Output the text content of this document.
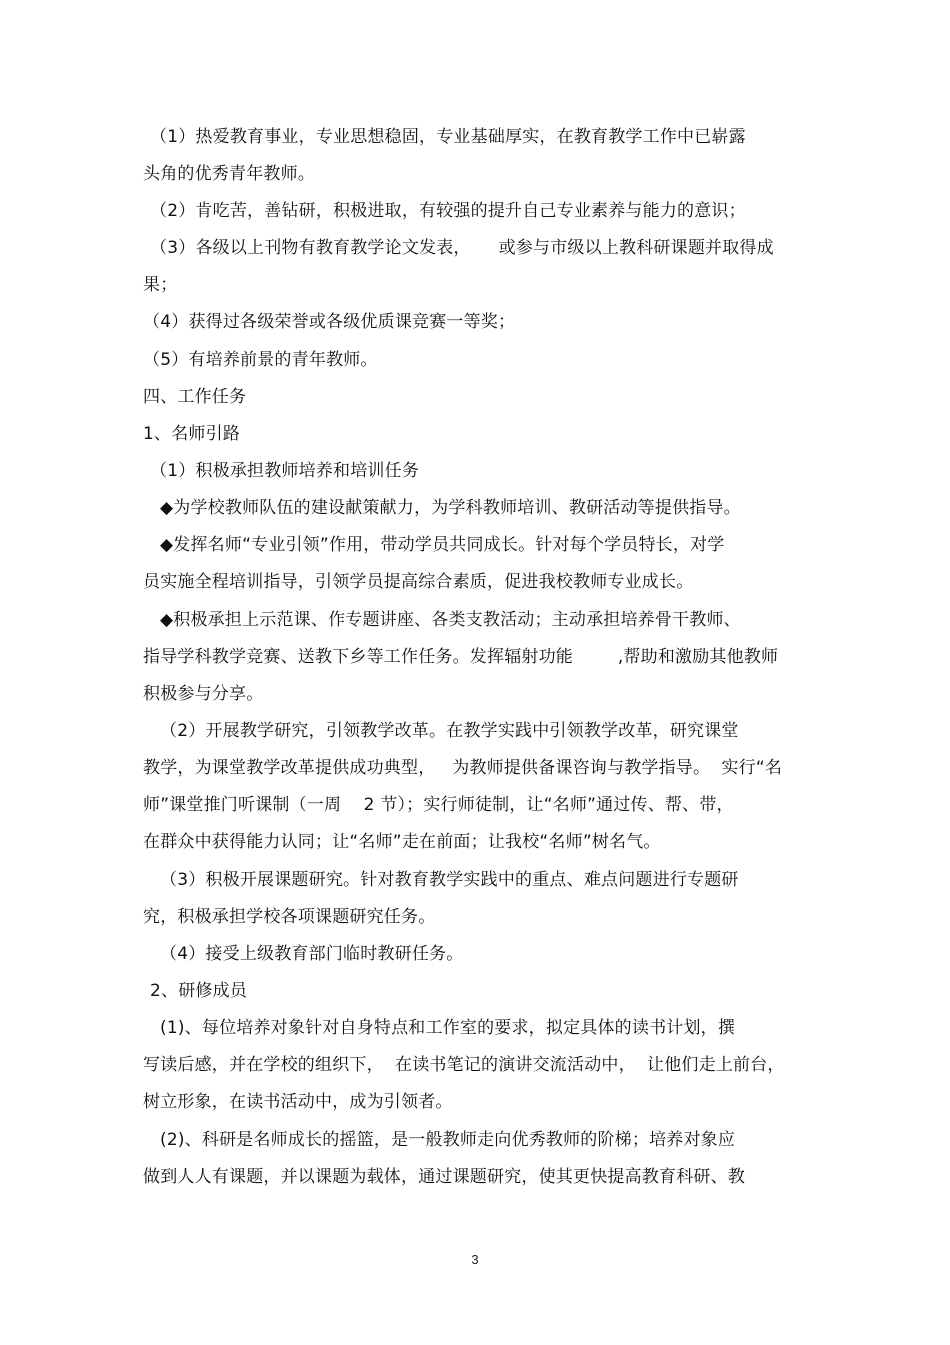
（1）热爱教育事业，专业思想稳固，专业基础厚实，在教育教学工作中已崭露
头角的优秀青年教师。
（2）肯吃苦，善钻研，积极进取，有较强的提升自己专业素养与能力的意识；
（3）各级以上刊物有教育教学论文发表，     或参与市级以上教科研课题并取得成
果；
（4）获得过各级荣誉或各级优质课竞赛一等奖；
（5）有培养前景的青年教师。
四、工作任务
1、名师引路
（1）积极承担教师培养和培训任务
◆为学校教师队伍的建设献策献力，为学科教师培训、教研活动等提供指导。
◆发挥名师“专业引领”作用，带动学员共同成长。针对每个学员特长，对学
员实施全程培训指导，引领学员提高综合素质，促进我校教师专业成长。
◆积极承担上示范课、作专题讲座、各类支教活动；主动承担培养骨干教师、
指导学科教学竞赛、送教下乡等工作任务。发挥辐射功能        ,帮助和激励其他教师
积极参与分享。
（2）开展教学研究，引领教学改革。在教学实践中引领教学改革，研究课堂
教学，为课堂教学改革提供成功典型，   为教师提供备课咨询与教学指导。  实行“名
师”课堂推门听课制（一周    2 节）；实行师徒制，让“名师”通过传、帮、带，
在群众中获得能力认同；让“名师”走在前面；让我校“名师”树名气。
（3）积极开展课题研究。针对教育教学实践中的重点、难点问题进行专题研
究，积极承担学校各项课题研究任务。
（4）接受上级教育部门临时教研任务。
2、研修成员
(1)、每位培养对象针对自身特点和工作室的要求，拟定具体的读书计划，撰
写读后感，并在学校的组织下，  在读书笔记的演讲交流活动中，  让他们走上前台，
树立形象，在读书活动中，成为引领者。
(2)、科研是名师成长的摇篮，是一般教师走向优秀教师的阶梯；培养对象应
做到人人有课题，并以课题为载体，通过课题研究，使其更快提高教育科研、教
3
